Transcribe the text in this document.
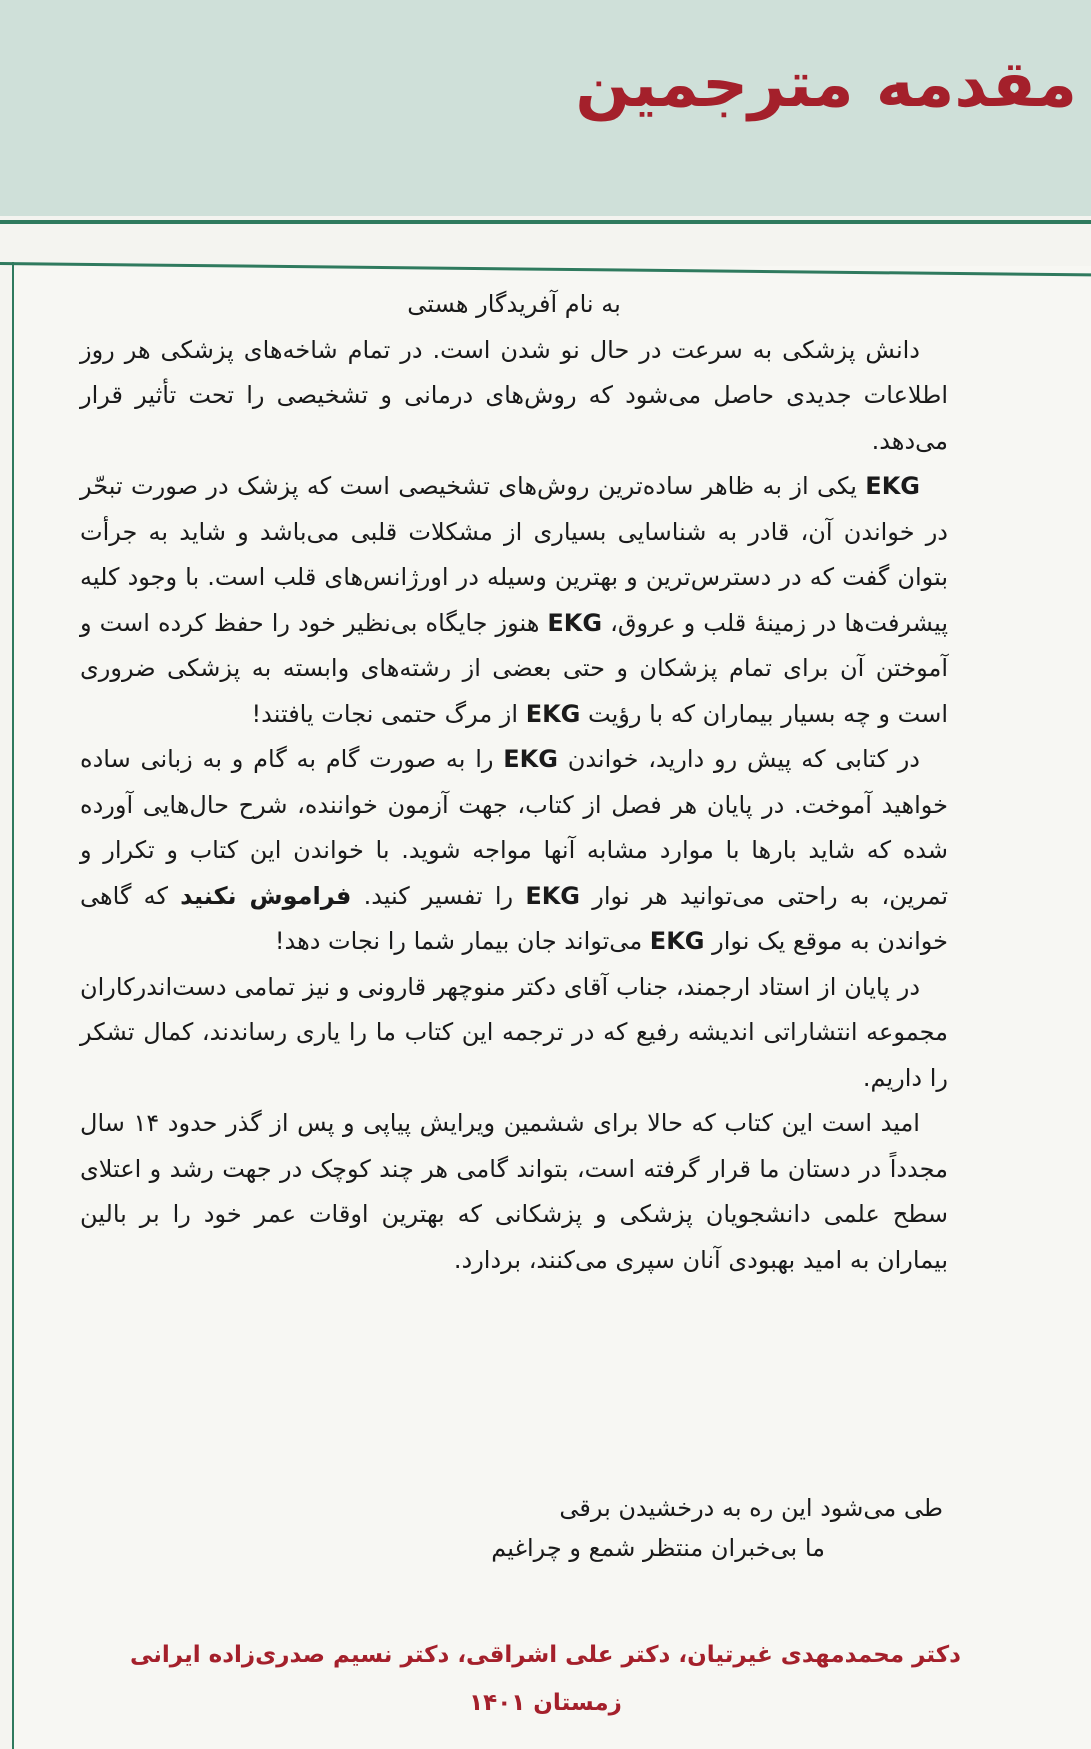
مقدمه مترجمین
به نام آفریدگار هستی

دانش پزشکی به سرعت در حال نو شدن است. در تمام شاخه‌های پزشکی هر روز اطلاعات جدیدی حاصل می‌شود که روش‌های درمانی و تشخیصی را تحت تأثیر قرار می‌دهد.

EKG یکی از به ظاهر ساده‌ترین روش‌های تشخیصی است که پزشک در صورت تبحّر در خواندن آن، قادر به شناسایی بسیاری از مشکلات قلبی می‌باشد و شاید به جرأت بتوان گفت که در دسترس‌ترین و بهترین وسیله در اورژانس‌های قلب است. با وجود کلیه پیشرفت‌ها در زمینهٔ قلب و عروق، EKG هنوز جایگاه بی‌نظیر خود را حفظ کرده است و آموختن آن برای تمام پزشکان و حتی بعضی از رشته‌های وابسته به پزشکی ضروری است و چه بسیار بیماران که با رؤیت EKG از مرگ حتمی نجات یافتند!

در کتابی که پیش رو دارید، خواندن EKG را به صورت گام به گام و به زبانی ساده خواهید آموخت. در پایان هر فصل از کتاب، جهت آزمون خواننده، شرح حال‌هایی آورده شده که شاید بارها با موارد مشابه آنها مواجه شوید. با خواندن این کتاب و تکرار و تمرین، به راحتی می‌توانید هر نوار EKG را تفسیر کنید. فراموش نکنید که گاهی خواندن به موقع یک نوار EKG می‌تواند جان بیمار شما را نجات دهد!

در پایان از استاد ارجمند، جناب آقای دکتر منوچهر قارونی و نیز تمامی دست‌اندرکاران مجموعه انتشاراتی اندیشه رفیع که در ترجمه این کتاب ما را یاری رساندند، کمال تشکر را داریم.

امید است این کتاب که حالا برای ششمین ویرایش پیاپی و پس از گذر حدود ۱۴ سال مجدداً در دستان ما قرار گرفته است، بتواند گامی هر چند کوچک در جهت رشد و اعتلای سطح علمی دانشجویان پزشکی و پزشکانی که بهترین اوقات عمر خود را بر بالین بیماران به امید بهبودی آنان سپری می‌کنند، بردارد.

طی می‌شود این ره به درخشیدن برقی
ما بی‌خبران منتظر شمع و چراغیم
دکتر محمدمهدی غیرتیان، دکتر علی اشراقی، دکتر نسیم صدری‌زاده ایرانی
زمستان ۱۴۰۱
